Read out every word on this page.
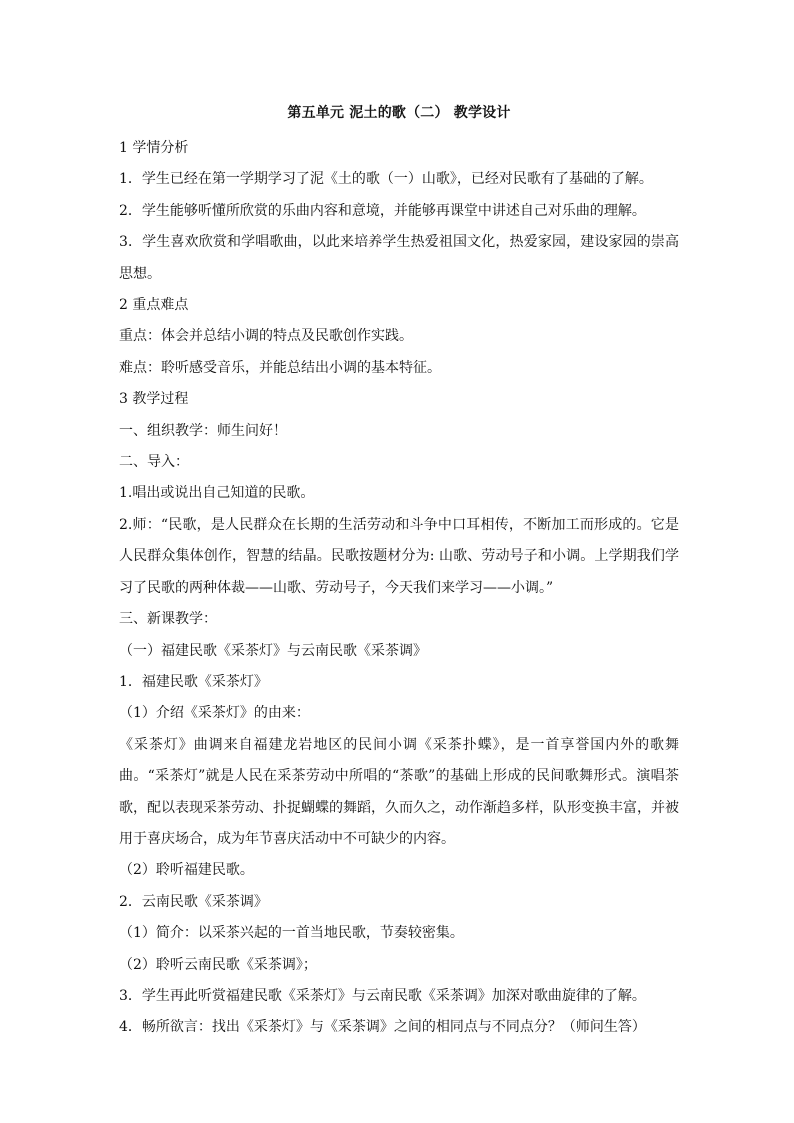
第五单元 泥土的歌（二） 教学设计
1 学情分析
1．学生已经在第一学期学习了泥《土的歌（一）山歌》，已经对民歌有了基础的了解。
2．学生能够听懂所欣赏的乐曲内容和意境，并能够再课堂中讲述自己对乐曲的理解。
3．学生喜欢欣赏和学唱歌曲，以此来培养学生热爱祖国文化，热爱家园，建设家园的崇高思想。
2 重点难点
重点：体会并总结小调的特点及民歌创作实践。
难点：聆听感受音乐，并能总结出小调的基本特征。
3 教学过程
一、组织教学：师生问好！
二、导入：
1.唱出或说出自己知道的民歌。
2.师：“民歌，是人民群众在长期的生活劳动和斗争中口耳相传，不断加工而形成的。它是人民群众集体创作，智慧的结晶。民歌按题材分为: 山歌、劳动号子和小调。上学期我们学习了民歌的两种体裁——山歌、劳动号子，今天我们来学习——小调。”
三、新课教学：
（一）福建民歌《采茶灯》与云南民歌《采茶调》
1．福建民歌《采茶灯》
（1）介绍《采茶灯》的由来：
《采茶灯》曲调来自福建龙岩地区的民间小调《采茶扑蝶》，是一首享誉国内外的歌舞曲。“采茶灯”就是人民在采茶劳动中所唱的“茶歌”的基础上形成的民间歌舞形式。演唱茶歌，配以表现采茶劳动、扑捉蝴蝶的舞蹈，久而久之，动作渐趋多样，队形变换丰富，并被用于喜庆场合，成为年节喜庆活动中不可缺少的内容。
（2）聆听福建民歌。
2．云南民歌《采茶调》
（1）简介：以采茶兴起的一首当地民歌，节奏较密集。
（2）聆听云南民歌《采茶调》；
3．学生再此听赏福建民歌《采茶灯》与云南民歌《采茶调》加深对歌曲旋律的了解。
4．畅所欲言：找出《采茶灯》与《采茶调》之间的相同点与不同点分？（师问生答）
